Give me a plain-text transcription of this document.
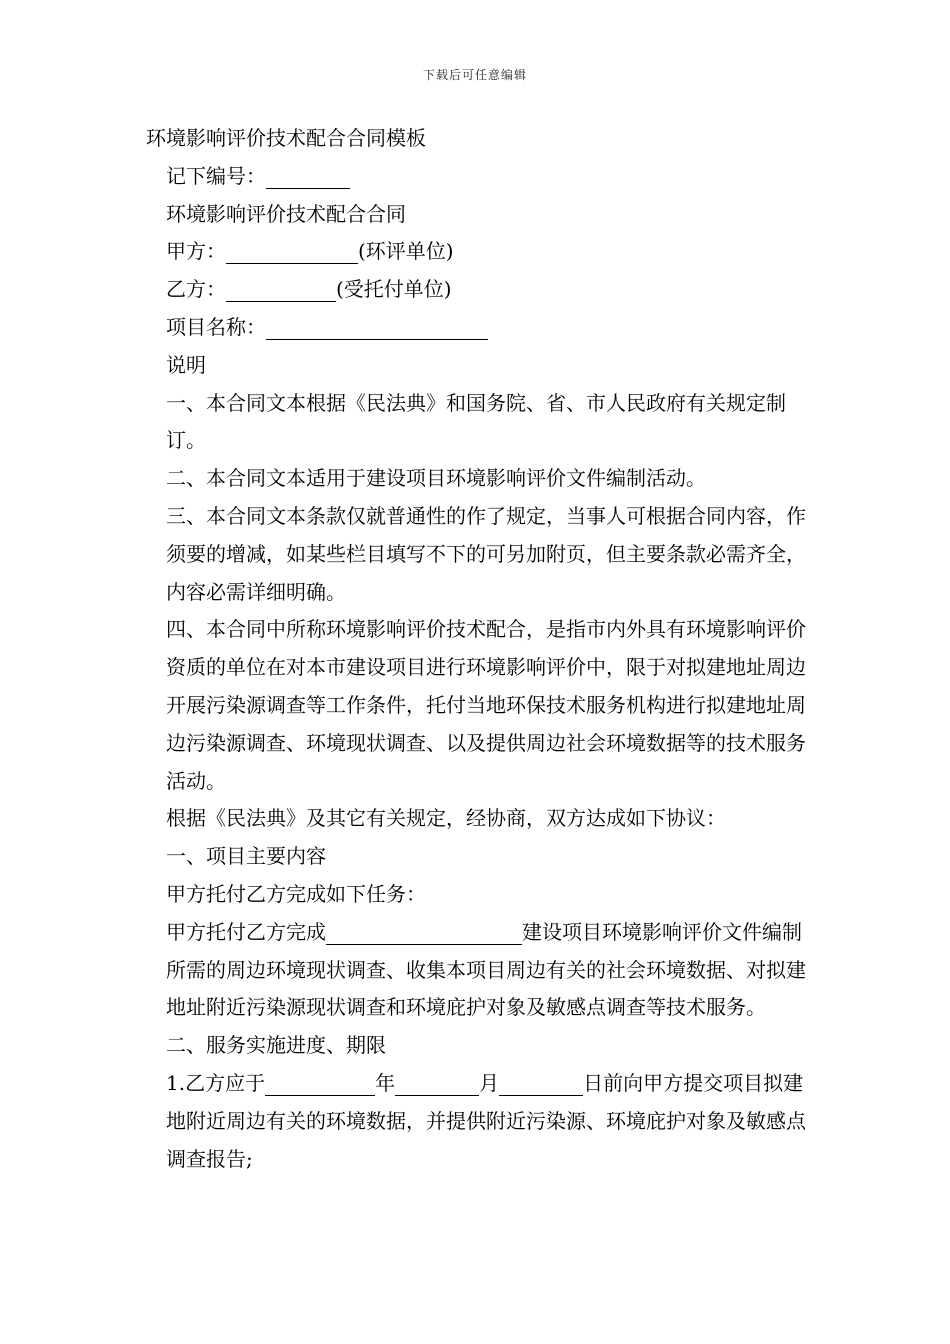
下载后可任意编辑

环境影响评价技术配合合同模板

记下编号：

环境影响评价技术配合合同

甲方：	(环评单位)

乙方：	(受托付单位)

项目名称：

说明

一、本合同文本根据《民法典》和国务院、省、市人民政府有关规定制订。

二、本合同文本适用于建设项目环境影响评价文件编制活动。

三、本合同文本条款仅就普通性的作了规定，当事人可根据合同内容，作须要的增减，如某些栏目填写不下的可另加附页，但主要条款必需齐全，内容必需详细明确。

四、本合同中所称环境影响评价技术配合，是指市内外具有环境影响评价资质的单位在对本市建设项目进行环境影响评价中，限于对拟建地址周边开展污染源调查等工作条件，托付当地环保技术服务机构进行拟建地址周边污染源调查、环境现状调查、以及提供周边社会环境数据等的技术服务活动。

根据《民法典》及其它有关规定，经协商，双方达成如下协议：

一、项目主要内容

甲方托付乙方完成如下任务：

甲方托付乙方完成	建设项目环境影响评价文件编制所需的周边环境现状调查、收集本项目周边有关的社会环境数据、对拟建地址附近污染源现状调查和环境庇护对象及敏感点调查等技术服务。

二、服务实施进度、期限

1.乙方应于	年	月	日前向甲方提交项目拟建地附近周边有关的环境数据，并提供附近污染源、环境庇护对象及敏感点调查报告;
